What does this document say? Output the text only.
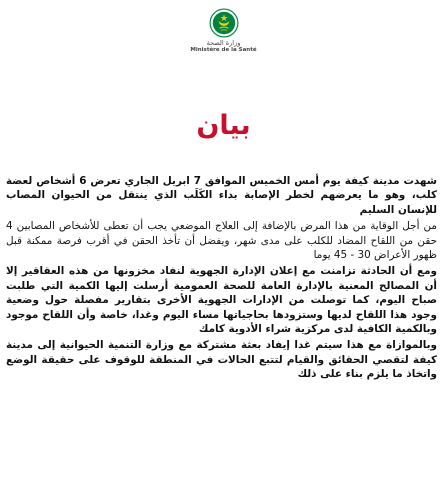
وزارة الصحة
Ministère de la Santé
بيان

شهدت مدينة كيفة يوم أمس الخميس الموافق 7 ابريل الجاري تعرض 6 أشخاص لعضة كلب، وهو ما يعرضهم لخطر الإصابة بداء الكَلَب الذي ينتقل من الحيوان المصاب للإنسان السليم

من أجل الوقاية من هذا المرض بالإضافة إلى العلاج الموضعي يجب أن تعطى للأشخاص المصابين 4 حقن من اللقاح المضاد للكلب على مدى شهر، ويفضل أن تأخذ الحقن في أقرب فرصة ممكنة قبل ظهور الأعراض 30 - 45 يوما

ومع أن الحادثة تزامنت مع إعلان الإدارة الجهوية لنفاد مخزونها من هذه العقاقير إلا أن المصالح المعنية بالإدارة العامة للصحة العمومية أرسلت إليها الكمية التي طلبت صباح اليوم، كما توصلت من الإدارات الجهوية الأخرى بتقارير مفصلة حول وضعية وجود هذا اللقاح لديها وستزودها بحاجياتها مساء اليوم وغدا، خاصة وأن اللقاح موجود وبالكمية الكافية لدى مركزية شراء الأدوية كامك

وبالموازاة مع هذا سيتم غدا إيفاد بعثة مشتركة مع وزارة التنمية الحيوانية إلى مدينة كيفة لتقصي الحقائق والقيام لتتبع الحالات في المنطقة للوقوف على حقيقة الوضع واتخاذ ما يلزم بناء على ذلك
